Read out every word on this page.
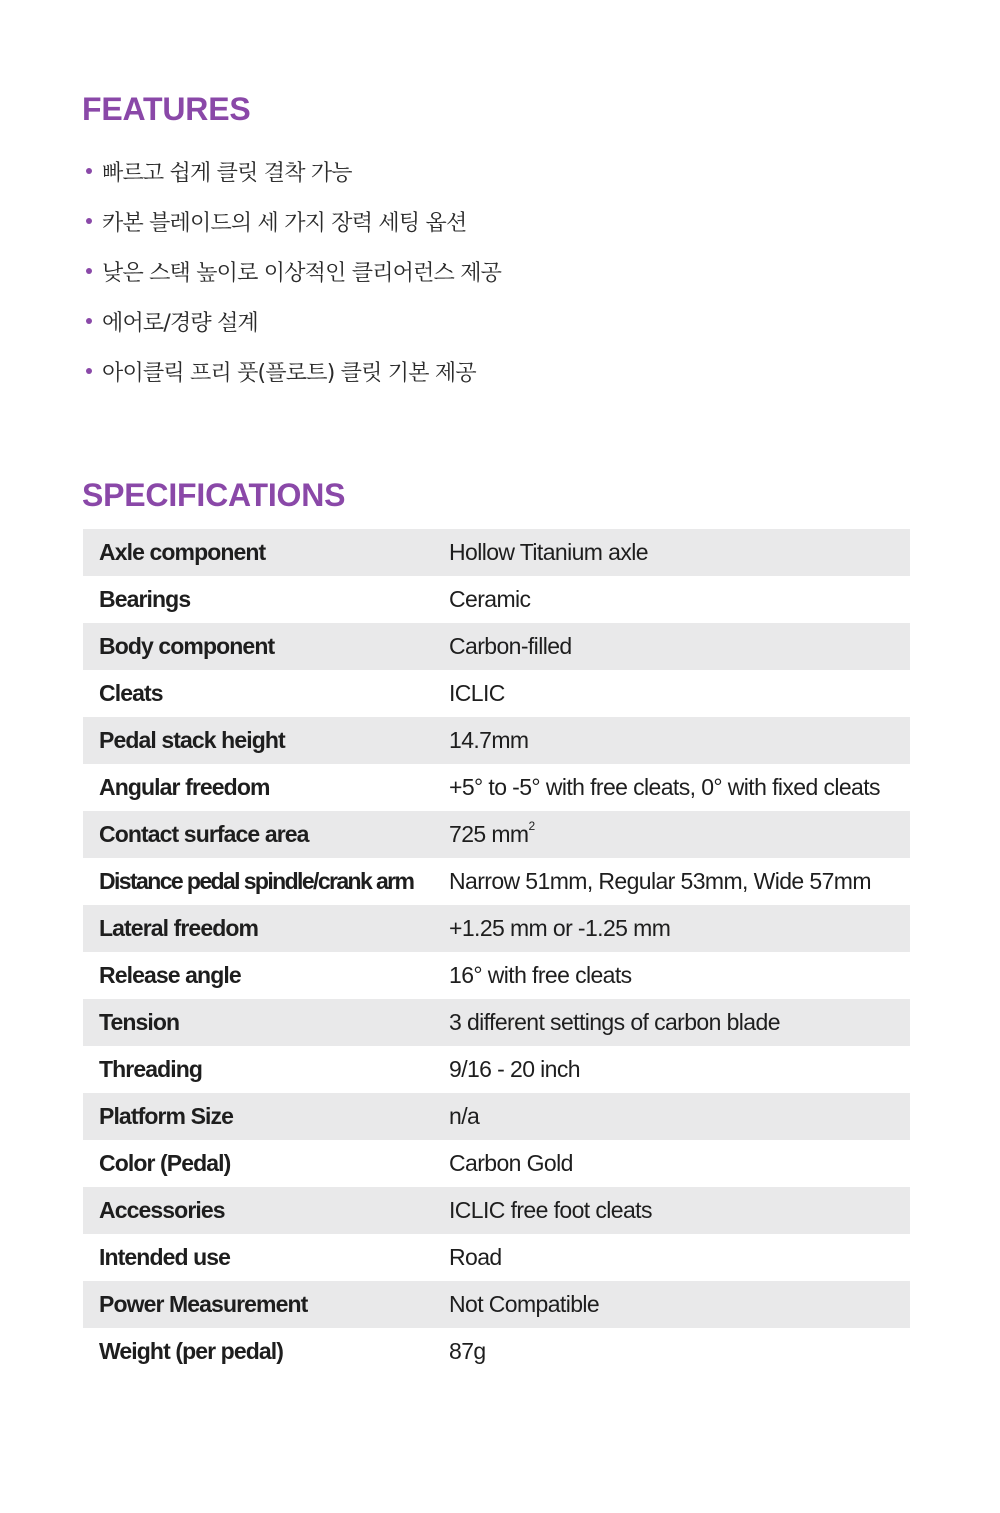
FEATURES
빠르고 쉽게 클릿 결착 가능
카본 블레이드의 세 가지 장력 세팅 옵션
낮은 스택 높이로 이상적인 클리어런스 제공
에어로/경량 설계
아이클릭 프리 풋(플로트) 클릿 기본 제공
SPECIFICATIONS
Axle component	Hollow Titanium axle
Bearings	Ceramic
Body component	Carbon-filled
Cleats	ICLIC
Pedal stack height	14.7mm
Angular freedom	+5° to -5° with free cleats, 0° with fixed cleats
Contact surface area	725 $mm^2$
Distance pedal spindle/crank arm	Narrow 51mm, Regular 53mm, Wide 57mm
Lateral freedom	+1.25 mm or -1.25 mm
Release angle	16° with free cleats
Tension	3 different settings of carbon blade
Threading	9/16 - 20 inch
Platform Size	n/a
Color (Pedal)	Carbon Gold
Accessories	ICLIC free foot cleats
Intended use	Road
Power Measurement	Not Compatible
Weight (per pedal)	87g
